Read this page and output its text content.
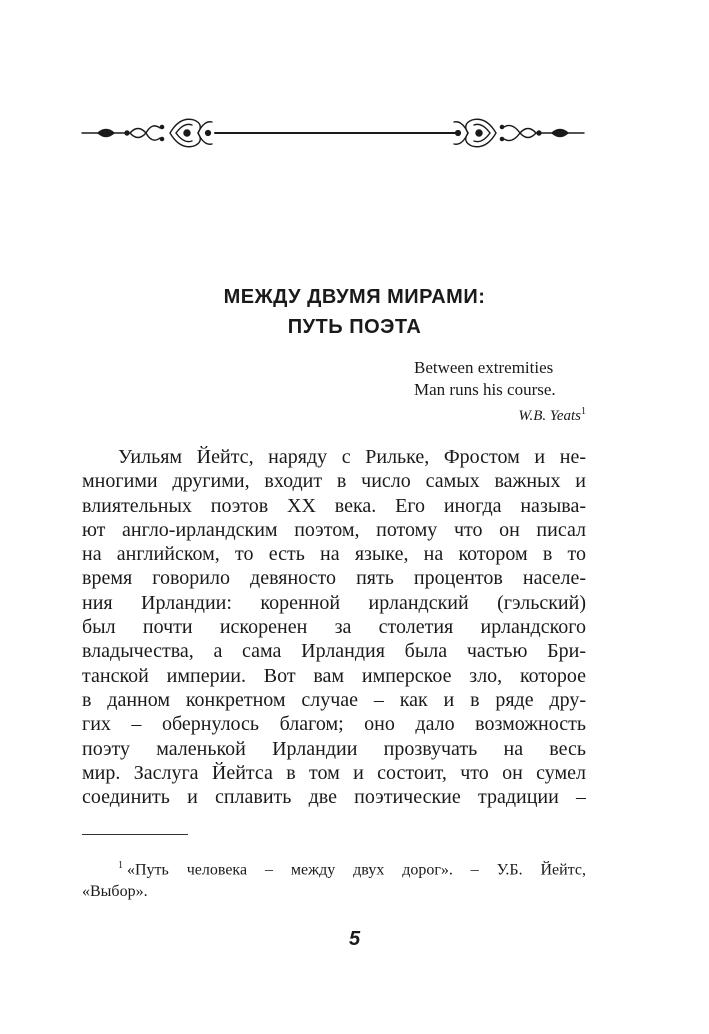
МЕЖДУ ДВУМЯ МИРАМИ:
ПУТЬ ПОЭТА
Between extremities
Man runs his course.
W.B. Yeats$^1$
Уильям Йейтс, наряду с Рильке, Фростом и не-
многими другими, входит в число самых важных и
влиятельных поэтов XX века. Его иногда называ-
ют англо-ирландским поэтом, потому что он писал
на английском, то есть на языке, на котором в то
время говорило девяносто пять процентов населе-
ния Ирландии: коренной ирландский (гэльский)
был почти искоренен за столетия ирландского
владычества, а сама Ирландия была частью Бри-
танской империи. Вот вам имперское зло, которое
в данном конкретном случае – как и в ряде дру-
гих – обернулось благом; оно дало возможность
поэту маленькой Ирландии прозвучать на весь
мир. Заслуга Йейтса в том и состоит, что он сумел
соединить и сплавить две поэтические традиции –
$^1$ «Путь человека – между двух дорог». – У.Б. Йейтс,
«Выбор».
5
